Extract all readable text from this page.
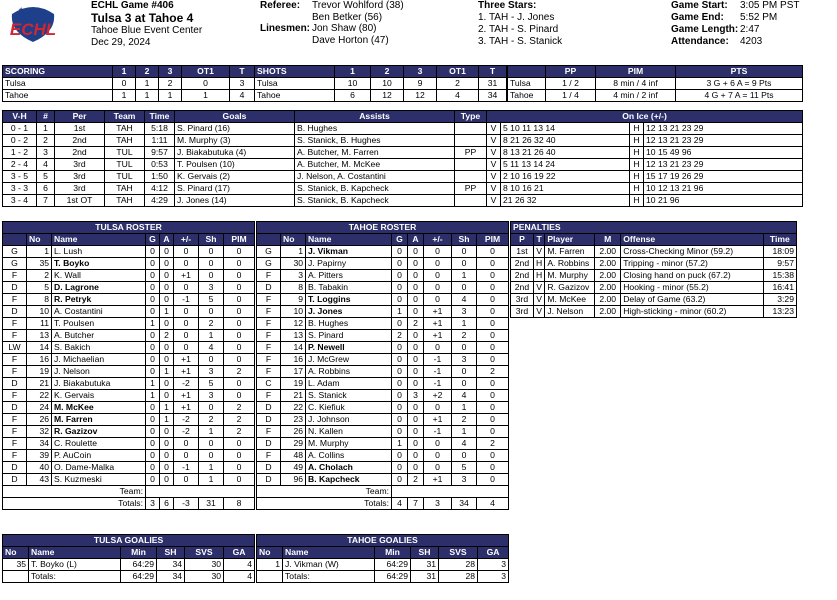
★ ★ ★
ECHL
ECHL Game #406
Tulsa 3 at Tahoe 4
Tahoe Blue Event Center
Dec 29, 2024
Referee: Trevor Wohlford (38)
Ben Betker (56)
Linesmen: Jon Shaw (80)
Dave Horton (47)
Three Stars:
1. TAH - J. Jones
2. TAH - S. Pinard
3. TAH - S. Stanick
Game Start: 3:05 PM PST
Game End: 5:52 PM
Game Length: 2:47
Attendance: 4203
SCORING	1	2	3	OT1	T
Tulsa	0	1	2	0	3
Tahoe	1	1	1	1	4
SHOTS	1	2	3	OT1	T
Tulsa	10	10	9	2	31
Tahoe	6	12	12	4	34
	PP	PIM	PTS
Tulsa	1 / 2	8 min / 4 inf	3 G + 6 A = 9 Pts
Tahoe	1 / 4	4 min / 2 inf	4 G + 7 A = 11 Pts
V-H	#	Per	Team	Time	Goals	Assists	Type	On Ice (+/-)			
0 - 1	1	1st	TAH	5:18	S. Pinard (16)	B. Hughes		V	5 10 11 13 14	H	12 13 21 23 29
0 - 2	2	2nd	TAH	1:11	M. Murphy (3)	S. Stanick, B. Hughes		V	8 21 26 32 40	H	12 13 21 23 29
1 - 2	3	2nd	TUL	9:57	J. Biakabutuka (4)	A. Butcher, M. Farren	PP	V	8 13 21 26 40	H	10 15 49 96
2 - 4	4	3rd	TUL	0:53	T. Poulsen (10)	A. Butcher, M. McKee		V	5 11 13 14 24	H	12 13 21 23 29
3 - 5	5	3rd	TUL	1:50	K. Gervais (2)	J. Nelson, A. Costantini		V	2 10 16 19 22	H	15 17 19 26 29
3 - 3	6	3rd	TAH	4:12	S. Pinard (17)	S. Stanick, B. Kapcheck	PP	V	8 10 16 21	H	10 12 13 21 96
3 - 4	7	1st OT	TAH	4:29	J. Jones (14)	S. Stanick, B. Kapcheck		V	21 26 32	H	10 21 96
TULSA ROSTER							
	No	Name	G	A	+/-	Sh	PIM
G	1	L. Lush	0	0	0	0	0
G	35	T. Boyko	0	0	0	0	0
F	2	K. Wall	0	0	+1	0	0
D	5	D. Lagrone	0	0	0	3	0
F	8	R. Petryk	0	0	-1	5	0
D	10	A. Costantini	0	1	0	0	0
F	11	T. Poulsen	1	0	0	2	0
F	13	A. Butcher	0	2	0	1	0
LW	14	S. Bakich	0	0	0	4	0
F	16	J. Michaelian	0	0	+1	0	0
F	19	J. Nelson	0	1	+1	3	2
D	21	J. Biakabutuka	1	0	-2	5	0
F	22	K. Gervais	1	0	+1	3	0
D	24	M. McKee	0	1	+1	0	2
F	26	M. Farren	0	1	-2	2	2
F	32	R. Gazizov	0	0	-2	1	2
F	34	C. Roulette	0	0	0	0	0
F	39	P. AuCoin	0	0	0	0	0
D	40	O. Dame-Malka	0	0	-1	1	0
D	43	S. Kuzmeski	0	0	0	1	0
Team:							
Totals:			3	6	-3	31	8
TAHOE ROSTER							
	No	Name	G	A	+/-	Sh	PIM
G	1	J. Vikman	0	0	0	0	0
G	30	J. Papirny	0	0	0	0	0
F	3	A. Pitters	0	0	0	1	0
D	8	B. Tabakin	0	0	0	0	0
F	9	T. Loggins	0	0	0	4	0
F	10	J. Jones	1	0	+1	3	0
F	12	B. Hughes	0	2	+1	1	0
F	13	S. Pinard	2	0	+1	2	0
F	14	P. Newell	0	0	0	0	0
F	16	J. McGrew	0	0	-1	3	0
F	17	A. Robbins	0	0	-1	0	2
C	19	L. Adam	0	0	-1	0	0
F	21	S. Stanick	0	3	+2	4	0
D	22	C. Kiefiuk	0	0	0	1	0
D	23	J. Johnson	0	0	+1	2	0
F	26	N. Kallen	0	0	-1	1	0
D	29	M. Murphy	1	0	0	4	2
F	48	A. Collins	0	0	0	0	0
D	49	A. Cholach	0	0	0	5	0
D	96	B. Kapcheck	0	2	+1	3	0
Team:							
Totals:			4	7	3	34	4
PENALTIES					
P	T	Player	M	Offense	Time
1st	V	M. Farren	2.00	Cross-Checking Minor (59.2)	18:09
2nd	H	A. Robbins	2.00	Tripping - minor (57.2)	9:57
2nd	H	M. Murphy	2.00	Closing hand on puck (67.2)	15:38
2nd	V	R. Gazizov	2.00	Hooking - minor (55.2)	16:41
3rd	V	M. McKee	2.00	Delay of Game (63.2)	3:29
3rd	V	J. Nelson	2.00	High-sticking - minor (60.2)	13:23
TULSA GOALIES					
No	Name	Min	SH	SVS	GA
35	T. Boyko (L)	64:29	34	30	4
	Totals:	64:29	34	30	4
TAHOE GOALIES					
No	Name	Min	SH	SVS	GA
1	J. Vikman (W)	64:29	31	28	3
	Totals:	64:29	31	28	3
